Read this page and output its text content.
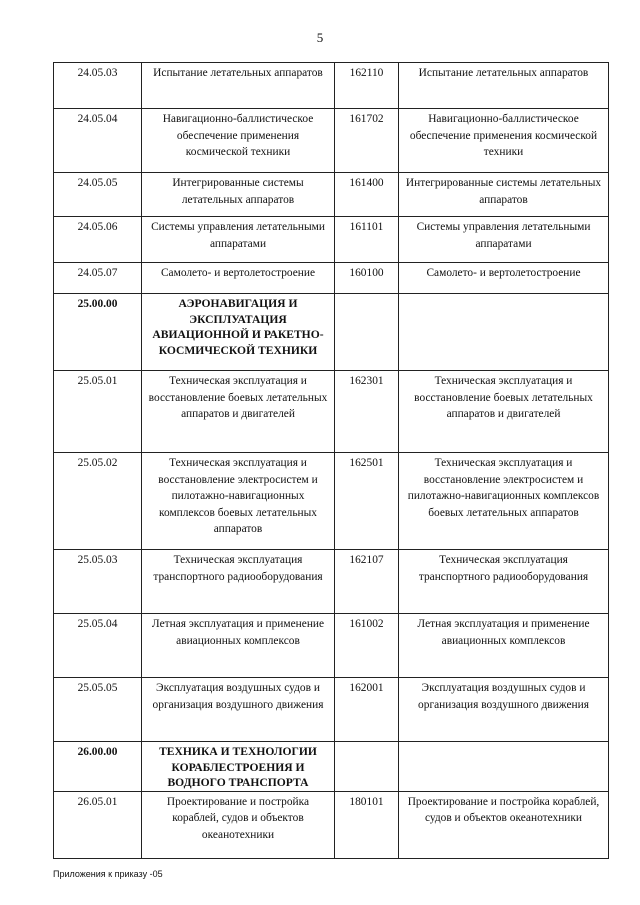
5
24.05.03	Испытание летательных аппаратов	162110	Испытание летательных аппаратов
24.05.04	Навигационно-баллистическое обеспечение применения космической техники	161702	Навигационно-баллистическое обеспечение применения космической техники
24.05.05	Интегрированные системы летательных аппаратов	161400	Интегрированные системы летательных аппаратов
24.05.06	Системы управления летательными аппаратами	161101	Системы управления летательными аппаратами
24.05.07	Самолето- и вертолетостроение	160100	Самолето- и вертолетостроение
25.00.00	АЭРОНАВИГАЦИЯ И ЭКСПЛУАТАЦИЯ АВИАЦИОННОЙ И РАКЕТНО-КОСМИЧЕСКОЙ ТЕХНИКИ		
25.05.01	Техническая эксплуатация и восстановление боевых летательных аппаратов и двигателей	162301	Техническая эксплуатация и восстановление боевых летательных аппаратов и двигателей
25.05.02	Техническая эксплуатация и восстановление электросистем и пилотажно-навигационных комплексов боевых летательных аппаратов	162501	Техническая эксплуатация и восстановление электросистем и пилотажно-навигационных комплексов боевых летательных аппаратов
25.05.03	Техническая эксплуатация транспортного радиооборудования	162107	Техническая эксплуатация транспортного радиооборудования
25.05.04	Летная эксплуатация и применение авиационных комплексов	161002	Летная эксплуатация и применение авиационных комплексов
25.05.05	Эксплуатация воздушных судов и организация воздушного движения	162001	Эксплуатация воздушных судов и организация воздушного движения
26.00.00	ТЕХНИКА И ТЕХНОЛОГИИ КОРАБЛЕСТРОЕНИЯ И ВОДНОГО ТРАНСПОРТА		
26.05.01	Проектирование и постройка кораблей, судов и объектов океанотехники	180101	Проектирование и постройка кораблей, судов и объектов океанотехники
Приложения к приказу -05
